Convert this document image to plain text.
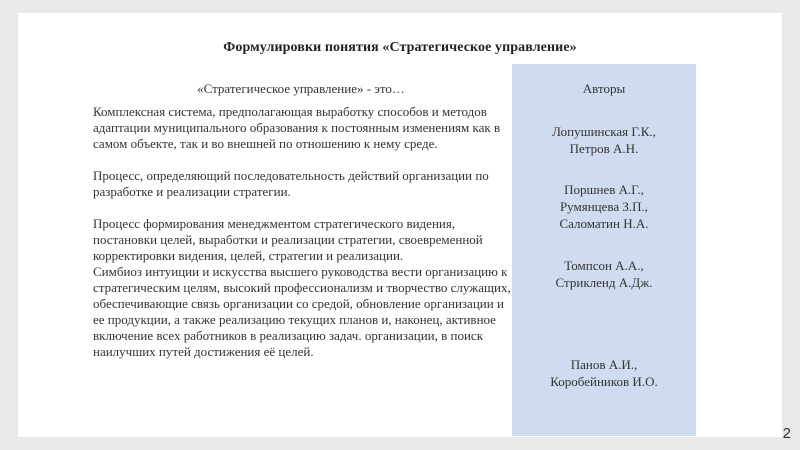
Формулировки понятия «Стратегическое управление»
«Стратегическое управление» - это…

Комплексная система, предполагающая выработку способов и методов адаптации муниципального образования к постоянным изменениям как в самом объекте, так и во внешней по отношению к нему среде.

Процесс, определяющий последовательность действий организации по разработке и реализации стратегии.

Процесс формирования менеджментом стратегического видения, постановки целей, выработки и реализации стратегии, своевременной корректировки видения, целей, стратегии и реализации.

Симбиоз интуиции и искусства высшего руководства вести организацию к стратегическим целям, высокий профессионализм и творчество служащих, обеспечивающие связь организации со средой, обновление организации и ее продукции, а также реализацию текущих планов и, наконец, активное включение всех работников в реализацию задач. организации, в поиск наилучших путей достижения её целей.

Авторы
Лопушинская Г.К.,
Петров А.Н.
Поршнев А.Г.,
Румянцева З.П.,
Саломатин Н.А.
Томпсон А.А.,
Стрикленд А.Дж.
Панов А.И.,
Коробейников И.О.
2
